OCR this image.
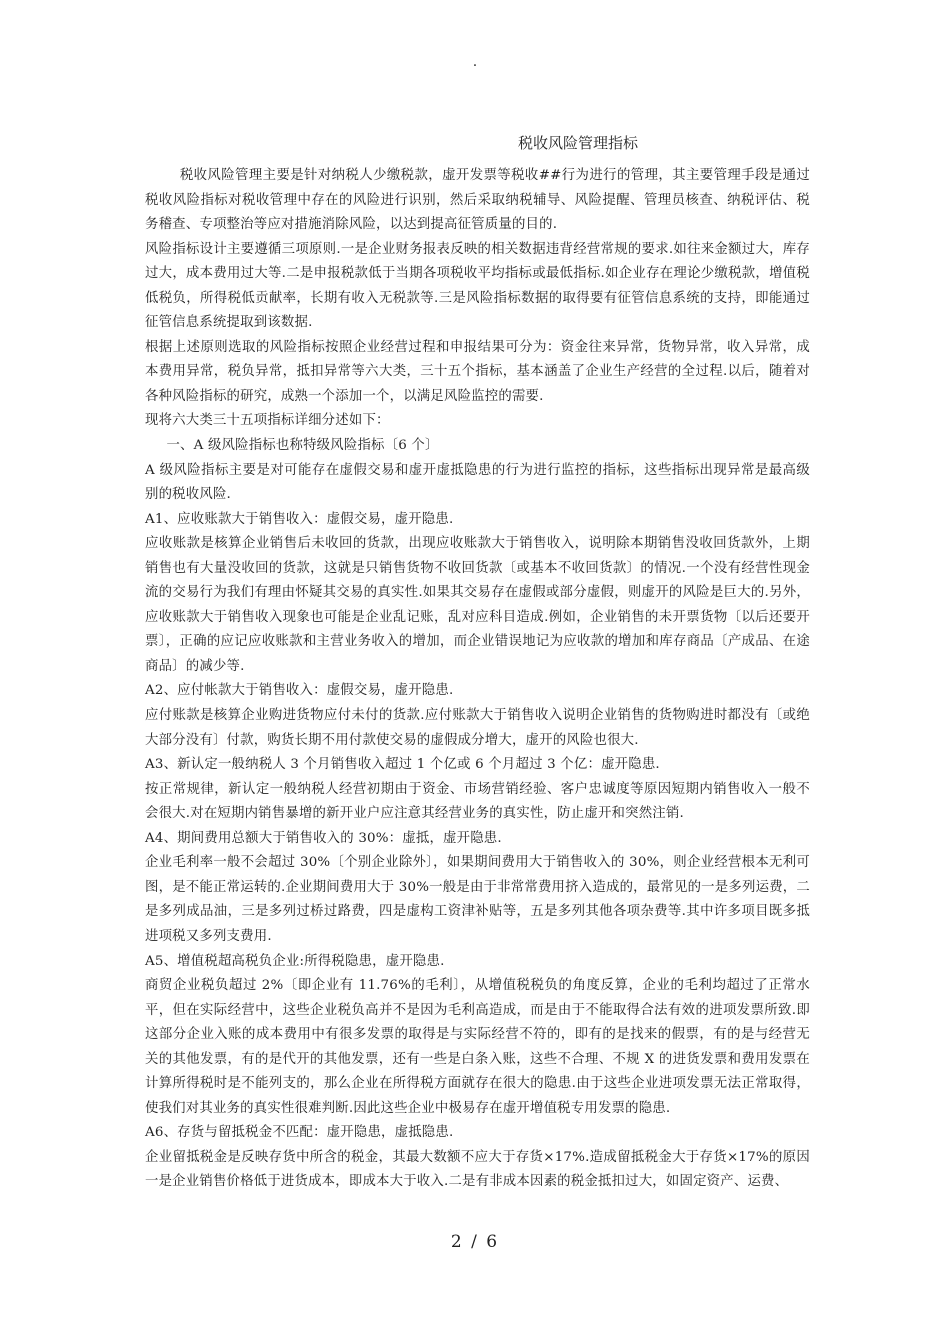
.
税收风险管理指标

税收风险管理主要是针对纳税人少缴税款，虚开发票等税收##行为进行的管理，其主要管理手段是通过税收风险指标对税收管理中存在的风险进行识别，然后采取纳税辅导、风险提醒、管理员核查、纳税评估、税务稽查、专项整治等应对措施消除风险，以达到提高征管质量的目的.

风险指标设计主要遵循三项原则.一是企业财务报表反映的相关数据违背经营常规的要求.如往来金额过大，库存过大，成本费用过大等.二是申报税款低于当期各项税收平均指标或最低指标.如企业存在理论少缴税款，增值税低税负，所得税低贡献率，长期有收入无税款等.三是风险指标数据的取得要有征管信息系统的支持，即能通过征管信息系统提取到该数据.

根据上述原则选取的风险指标按照企业经营过程和申报结果可分为：资金往来异常，货物异常，收入异常，成本费用异常，税负异常，抵扣异常等六大类，三十五个指标，基本涵盖了企业生产经营的全过程.以后，随着对各种风险指标的研究，成熟一个添加一个，以满足风险监控的需要.

现将六大类三十五项指标详细分述如下：

一、A 级风险指标也称特级风险指标〔6 个〕

A 级风险指标主要是对可能存在虚假交易和虚开虚抵隐患的行为进行监控的指标，这些指标出现异常是最高级别的税收风险.

A1、应收账款大于销售收入：虚假交易，虚开隐患.

应收账款是核算企业销售后未收回的货款，出现应收账款大于销售收入，说明除本期销售没收回货款外，上期销售也有大量没收回的货款，这就是只销售货物不收回货款〔或基本不收回货款〕的情况.一个没有经营性现金流的交易行为我们有理由怀疑其交易的真实性.如果其交易存在虚假或部分虚假，则虚开的风险是巨大的.另外，应收账款大于销售收入现象也可能是企业乱记账，乱对应科目造成.例如，企业销售的未开票货物〔以后还要开票〕，正确的应记应收账款和主营业务收入的增加，而企业错误地记为应收款的增加和库存商品〔产成品、在途商品〕的减少等.

A2、应付帐款大于销售收入：虚假交易，虚开隐患.

应付账款是核算企业购进货物应付未付的货款.应付账款大于销售收入说明企业销售的货物购进时都没有〔或绝大部分没有〕付款，购货长期不用付款使交易的虚假成分增大，虚开的风险也很大.

A3、新认定一般纳税人 3 个月销售收入超过 1 个亿或 6 个月超过 3 个亿：虚开隐患.

按正常规律，新认定一般纳税人经营初期由于资金、市场营销经验、客户忠诚度等原因短期内销售收入一般不会很大.对在短期内销售暴增的新开业户应注意其经营业务的真实性，防止虚开和突然注销.

A4、期间费用总额大于销售收入的 30%：虚抵，虚开隐患.

企业毛利率一般不会超过 30%〔个别企业除外〕，如果期间费用大于销售收入的 30%，则企业经营根本无利可图，是不能正常运转的.企业期间费用大于 30%一般是由于非常常费用挤入造成的，最常见的一是多列运费，二是多列成品油，三是多列过桥过路费，四是虚构工资津补贴等，五是多列其他各项杂费等.其中许多项目既多抵进项税又多列支费用.

A5、增值税超高税负企业:所得税隐患，虚开隐患.

商贸企业税负超过 2%〔即企业有 11.76%的毛利〕，从增值税税负的角度反算，企业的毛利均超过了正常水平，但在实际经营中，这些企业税负高并不是因为毛利高造成，而是由于不能取得合法有效的进项发票所致.即这部分企业入账的成本费用中有很多发票的取得是与实际经营不符的，即有的是找来的假票，有的是与经营无关的其他发票，有的是代开的其他发票，还有一些是白条入账，这些不合理、不规 X 的进货发票和费用发票在计算所得税时是不能列支的，那么企业在所得税方面就存在很大的隐患.由于这些企业进项发票无法正常取得，使我们对其业务的真实性很难判断.因此这些企业中极易存在虚开增值税专用发票的隐患.

A6、存货与留抵税金不匹配：虚开隐患，虚抵隐患.

企业留抵税金是反映存货中所含的税金，其最大数额不应大于存货×17%.造成留抵税金大于存货×17%的原因一是企业销售价格低于进货成本，即成本大于收入.二是有非成本因素的税金抵扣过大，如固定资产、运费、

2 / 6
